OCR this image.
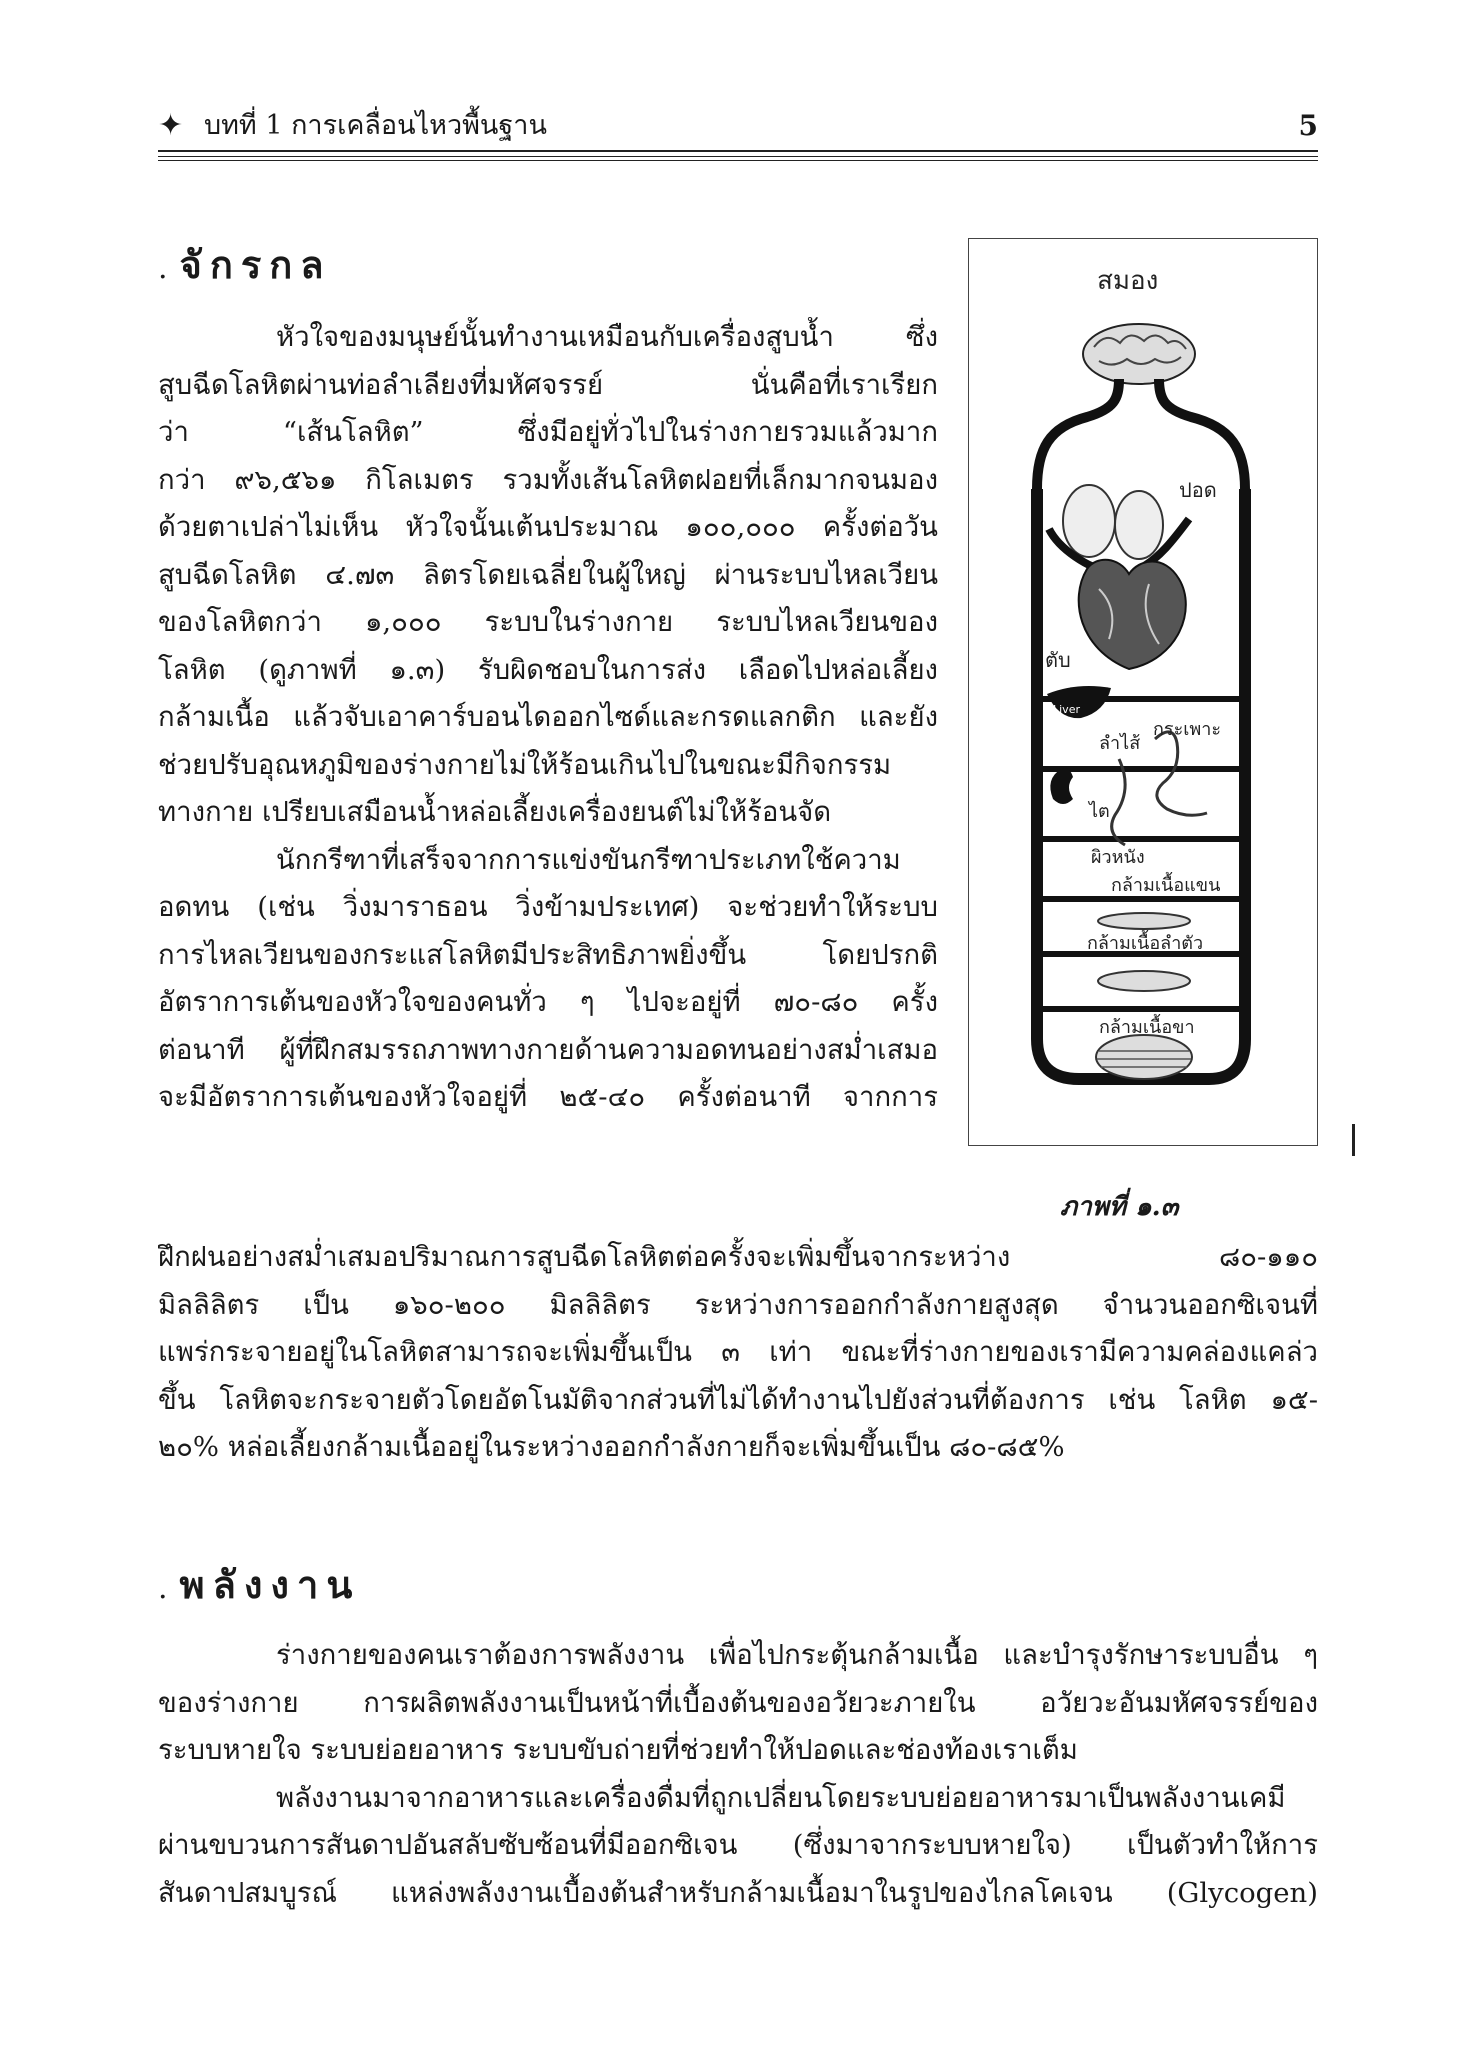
✦ บทที่ 1 การเคลื่อนไหวพื้นฐาน	5
. จักรกล
หัวใจของมนุษย์นั้นทำงานเหมือนกับเครื่องสูบน้ำ ซึ่ง
สูบฉีดโลหิตผ่านท่อลำเลียงที่มหัศจรรย์ นั่นคือที่เราเรียก
ว่า “เส้นโลหิต” ซึ่งมีอยู่ทั่วไปในร่างกายรวมแล้วมาก
กว่า ๙๖,๕๖๑ กิโลเมตร รวมทั้งเส้นโลหิตฝอยที่เล็กมากจนมอง
ด้วยตาเปล่าไม่เห็น หัวใจนั้นเต้นประมาณ ๑๐๐,๐๐๐ ครั้งต่อวัน
สูบฉีดโลหิต ๔.๗๓ ลิตรโดยเฉลี่ยในผู้ใหญ่ ผ่านระบบไหลเวียน
ของโลหิตกว่า ๑,๐๐๐ ระบบในร่างกาย ระบบไหลเวียนของ
โลหิต (ดูภาพที่ ๑.๓) รับผิดชอบในการส่ง เลือดไปหล่อเลี้ยง
กล้ามเนื้อ แล้วจับเอาคาร์บอนไดออกไซด์และกรดแลกติก และยัง
ช่วยปรับอุณหภูมิของร่างกายไม่ให้ร้อนเกินไปในขณะมีกิจกรรม
ทางกาย เปรียบเสมือนน้ำหล่อเลี้ยงเครื่องยนต์ไม่ให้ร้อนจัด
นักกรีฑาที่เสร็จจากการแข่งขันกรีฑาประเภทใช้ความ
อดทน (เช่น วิ่งมาราธอน วิ่งข้ามประเทศ) จะช่วยทำให้ระบบ
การไหลเวียนของกระแสโลหิตมีประสิทธิภาพยิ่งขึ้น โดยปรกติ
อัตราการเต้นของหัวใจของคนทั่ว ๆ ไปจะอยู่ที่ ๗๐-๘๐ ครั้ง
ต่อนาที ผู้ที่ฝึกสมรรถภาพทางกายด้านความอดทนอย่างสม่ำเสมอ
จะมีอัตราการเต้นของหัวใจอยู่ที่ ๒๕-๔๐ ครั้งต่อนาที จากการ
ฝึกฝนอย่างสม่ำเสมอปริมาณการสูบฉีดโลหิตต่อครั้งจะเพิ่มขึ้นจากระหว่าง ๘๐-๑๑๐
มิลลิลิตร เป็น ๑๖๐-๒๐๐ มิลลิลิตร ระหว่างการออกกำลังกายสูงสุด จำนวนออกซิเจนที่
แพร่กระจายอยู่ในโลหิตสามารถจะเพิ่มขึ้นเป็น ๓ เท่า ขณะที่ร่างกายของเรามีความคล่องแคล่ว
ขึ้น โลหิตจะกระจายตัวโดยอัตโนมัติจากส่วนที่ไม่ได้ทำงานไปยังส่วนที่ต้องการ เช่น โลหิต ๑๕-
๒๐% หล่อเลี้ยงกล้ามเนื้ออยู่ในระหว่างออกกำลังกายก็จะเพิ่มขึ้นเป็น ๘๐-๘๕%
สมอง
ปอด
ตับ
Liver
ลำไส้
กระเพาะ
ไต
ผิวหนัง
กล้ามเนื้อแขน
กล้ามเนื้อลำตัว
กล้ามเนื้อขา
ภาพที่ ๑.๓
. พลังงาน
ร่างกายของคนเราต้องการพลังงาน เพื่อไปกระตุ้นกล้ามเนื้อ และบำรุงรักษาระบบอื่น ๆ
ของร่างกาย การผลิตพลังงานเป็นหน้าที่เบื้องต้นของอวัยวะภายใน อวัยวะอันมหัศจรรย์ของ
ระบบหายใจ ระบบย่อยอาหาร ระบบขับถ่ายที่ช่วยทำให้ปอดและช่องท้องเราเต็ม
พลังงานมาจากอาหารและเครื่องดื่มที่ถูกเปลี่ยนโดยระบบย่อยอาหารมาเป็นพลังงานเคมี
ผ่านขบวนการสันดาปอันสลับซับซ้อนที่มีออกซิเจน (ซึ่งมาจากระบบหายใจ) เป็นตัวทำให้การ
สันดาปสมบูรณ์ แหล่งพลังงานเบื้องต้นสำหรับกล้ามเนื้อมาในรูปของไกลโคเจน (Glycogen)
